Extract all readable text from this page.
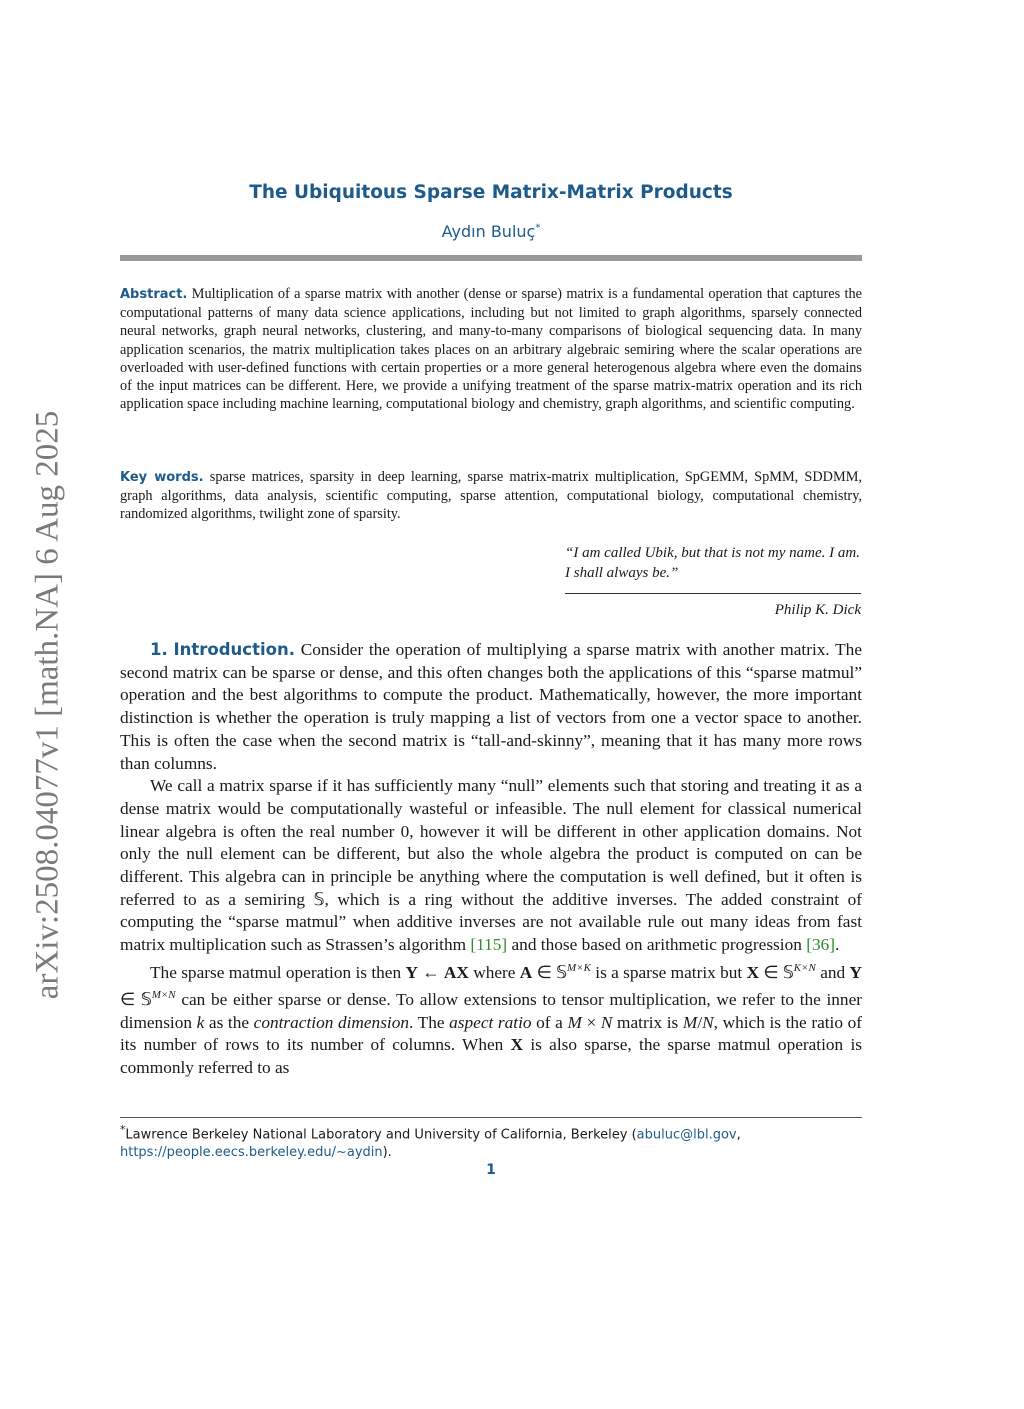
arXiv:2508.04077v1 [math.NA] 6 Aug 2025
The Ubiquitous Sparse Matrix-Matrix Products
Aydın Buluç*
Abstract. Multiplication of a sparse matrix with another (dense or sparse) matrix is a fundamental operation that captures the computational patterns of many data science applications, including but not limited to graph algorithms, sparsely connected neural networks, graph neural networks, clustering, and many-to-many comparisons of biological sequencing data. In many application scenarios, the matrix multiplication takes places on an arbitrary algebraic semiring where the scalar operations are overloaded with user-defined functions with certain properties or a more general heterogenous algebra where even the domains of the input matrices can be different. Here, we provide a unifying treatment of the sparse matrix-matrix operation and its rich application space including machine learning, computational biology and chemistry, graph algorithms, and scientific computing.
Key words. sparse matrices, sparsity in deep learning, sparse matrix-matrix multiplication, SpGEMM, SpMM, SDDMM, graph algorithms, data analysis, scientific computing, sparse attention, computational biology, computational chemistry, randomized algorithms, twilight zone of sparsity.
“I am called Ubik, but that is not my name. I am. I shall always be.”
Philip K. Dick

1. Introduction. Consider the operation of multiplying a sparse matrix with another matrix. The second matrix can be sparse or dense, and this often changes both the applications of this “sparse matmul” operation and the best algorithms to compute the product. Mathematically, however, the more important distinction is whether the operation is truly mapping a list of vectors from one a vector space to another. This is often the case when the second matrix is “tall-and-skinny”, meaning that it has many more rows than columns.

We call a matrix sparse if it has sufficiently many “null” elements such that storing and treating it as a dense matrix would be computationally wasteful or infeasible. The null element for classical numerical linear algebra is often the real number 0, however it will be different in other application domains. Not only the null element can be different, but also the whole algebra the product is computed on can be different. This algebra can in principle be anything where the computation is well defined, but it often is referred to as a semiring 𝕊, which is a ring without the additive inverses. The added constraint of computing the “sparse matmul” when additive inverses are not available rule out many ideas from fast matrix multiplication such as Strassen’s algorithm [115] and those based on arithmetic progression [36].

The sparse matmul operation is then Y ← AX where A ∈ 𝕊$^{M\times K}$ is a sparse matrix but X ∈ 𝕊$^{K\times N}$ and Y ∈ 𝕊$^{M\times N}$ can be either sparse or dense. To allow extensions to tensor multiplication, we refer to the inner dimension k as the contraction dimension. The aspect ratio of a M × N matrix is M/N, which is the ratio of its number of rows to its number of columns. When X is also sparse, the sparse matmul operation is commonly referred to as

*Lawrence Berkeley National Laboratory and University of California, Berkeley (abuluc@lbl.gov, https://people.eecs.berkeley.edu/~aydin).
1
